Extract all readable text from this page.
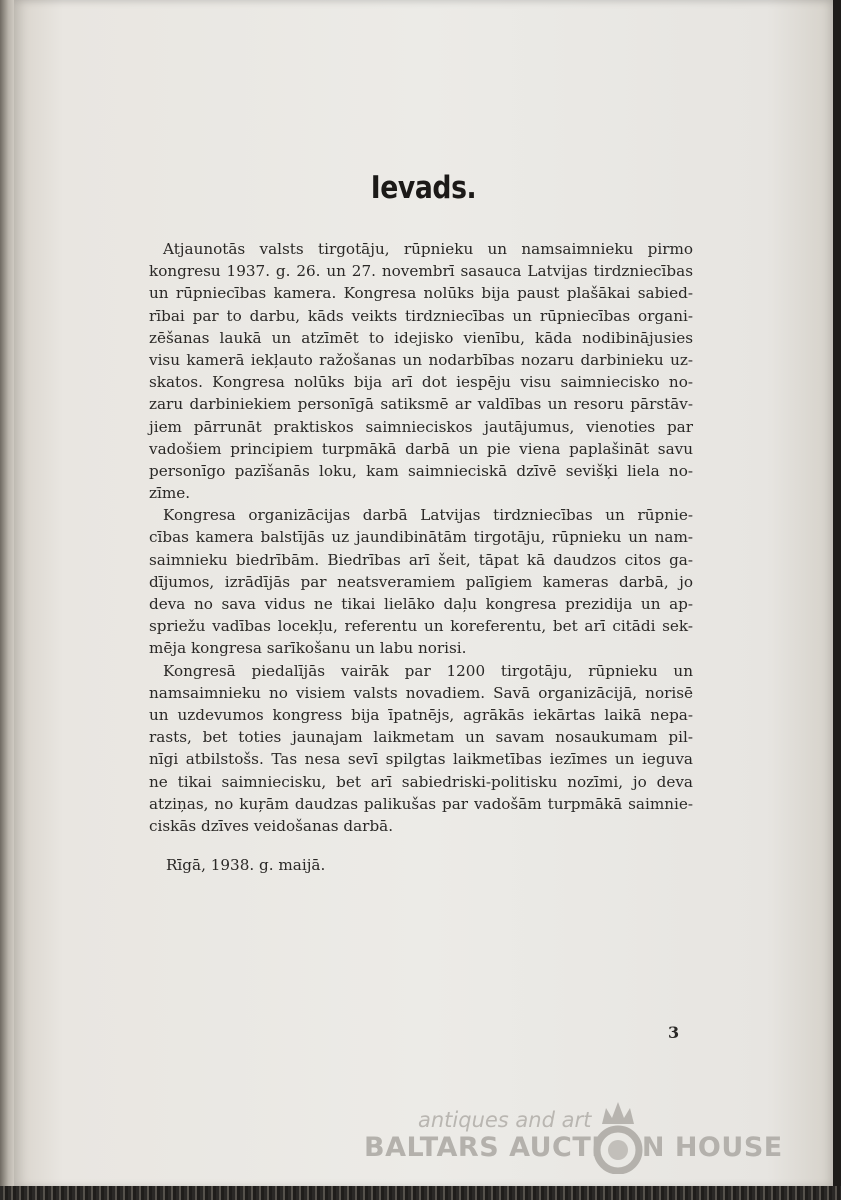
Ievads.
Atjaunotās valsts tirgotāju, rūpnieku un namsaimnieku pirmo
kongresu 1937. g. 26. un 27. novembrī sasauca Latvijas tirdzniecības
un rūpniecības kamera. Kongresa nolūks bija paust plašākai sabied-
rībai par to darbu, kāds veikts tirdzniecības un rūpniecības organi-
zēšanas laukā un atzīmēt to idejisko vienību, kāda nodibinājusies
visu kamerā iekļauto ražošanas un nodarbības nozaru darbinieku uz-
skatos. Kongresa nolūks bija arī dot iespēju visu saimniecisko no-
zaru darbiniekiem personīgā satiksmē ar valdības un resoru pārstāv-
jiem pārrunāt praktiskos saimnieciskos jautājumus, vienoties par
vadošiem principiem turpmākā darbā un pie viena paplašināt savu
personīgo pazīšanās loku, kam saimnieciskā dzīvē sevišķi liela no-
zīme.
Kongresa organizācijas darbā Latvijas tirdzniecības un rūpnie-
cības kamera balstījās uz jaundibinātām tirgotāju, rūpnieku un nam-
saimnieku biedrībām. Biedrības arī šeit, tāpat kā daudzos citos ga-
dījumos, izrādījās par neatsveramiem palīgiem kameras darbā, jo
deva no sava vidus ne tikai lielāko daļu kongresa prezidija un ap-
spriežu vadības locekļu, referentu un koreferentu, bet arī citādi sek-
mēja kongresa sarīkošanu un labu norisi.
Kongresā piedalījās vairāk par 1200 tirgotāju, rūpnieku un
namsaimnieku no visiem valsts novadiem. Savā organizācijā, norisē
un uzdevumos kongress bija īpatnējs, agrākās iekārtas laikā nepa-
rasts, bet toties jaunajam laikmetam un savam nosaukumam pil-
nīgi atbilstošs. Tas nesa sevī spilgtas laikmetības iezīmes un ieguva
ne tikai saimniecisku, bet arī sabiedriski-politisku nozīmi, jo deva
atziņas, no kuŗām daudzas palikušas par vadošām turpmākā saimnie-
ciskās dzīves veidošanas darbā.
Rīgā, 1938. g. maijā.
3
antiques and art
BALTARS AUCTI N HOUSE
